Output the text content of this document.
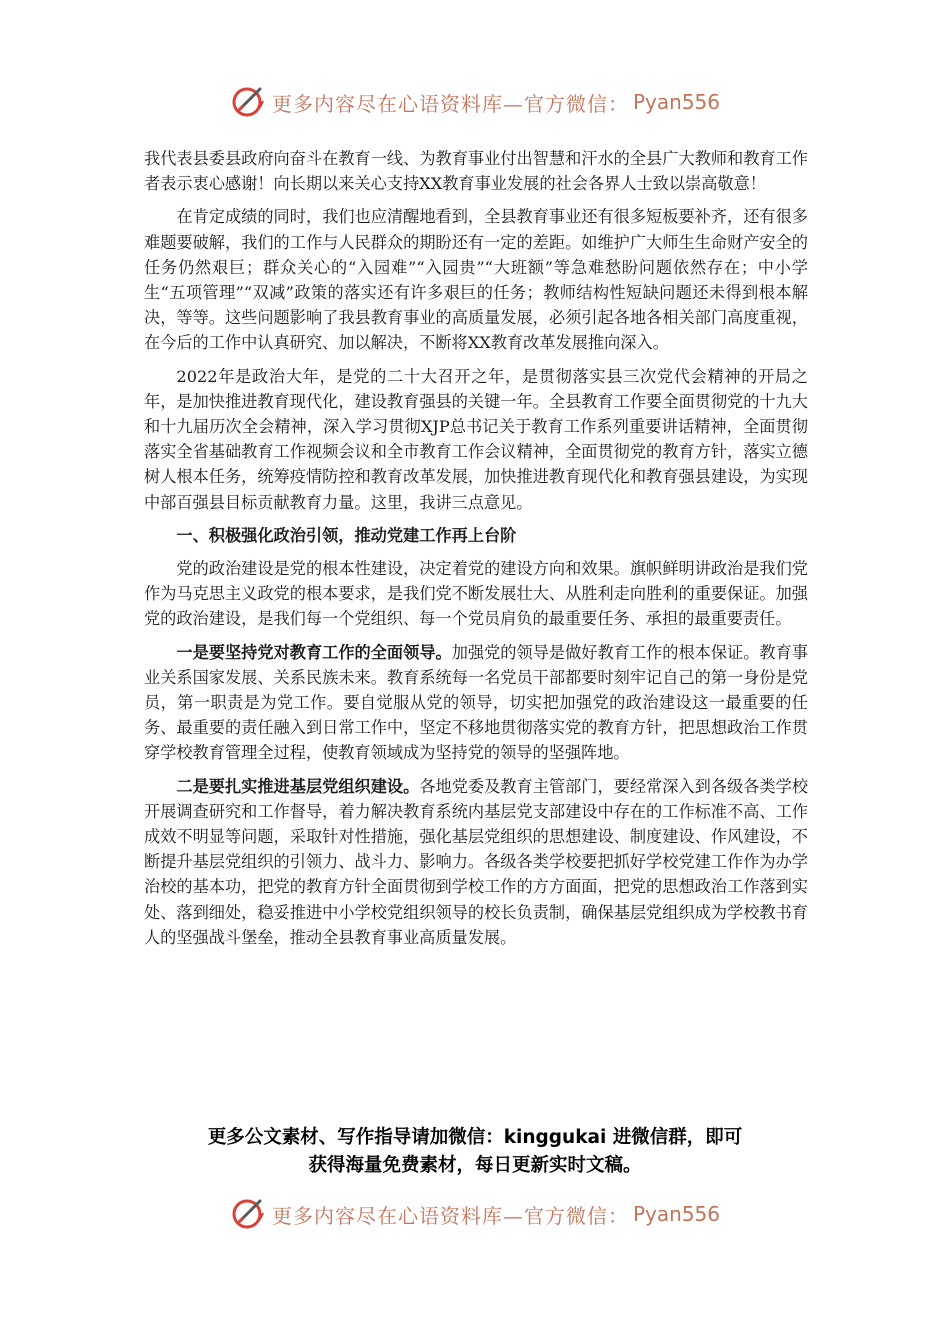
更多内容尽在心语资料库—官方微信： Pyan556

我代表县委县政府向奋斗在教育一线、为教育事业付出智慧和汗水的全县广大教师和教育工作者表示衷心感谢！向长期以来关心支持XX教育事业发展的社会各界人士致以崇高敬意！

在肯定成绩的同时，我们也应清醒地看到，全县教育事业还有很多短板要补齐，还有很多难题要破解，我们的工作与人民群众的期盼还有一定的差距。如维护广大师生生命财产安全的任务仍然艰巨；群众关心的“入园难”“入园贵”“大班额”等急难愁盼问题依然存在；中小学生“五项管理”“双减”政策的落实还有许多艰巨的任务；教师结构性短缺问题还未得到根本解决，等等。这些问题影响了我县教育事业的高质量发展，必须引起各地各相关部门高度重视，在今后的工作中认真研究、加以解决，不断将XX教育改革发展推向深入。

2022年是政治大年，是党的二十大召开之年，是贯彻落实县三次党代会精神的开局之年，是加快推进教育现代化，建设教育强县的关键一年。全县教育工作要全面贯彻党的十九大和十九届历次全会精神，深入学习贯彻XJP总书记关于教育工作系列重要讲话精神，全面贯彻落实全省基础教育工作视频会议和全市教育工作会议精神，全面贯彻党的教育方针，落实立德树人根本任务，统筹疫情防控和教育改革发展，加快推进教育现代化和教育强县建设，为实现中部百强县目标贡献教育力量。这里，我讲三点意见。

一、积极强化政治引领，推动党建工作再上台阶

党的政治建设是党的根本性建设，决定着党的建设方向和效果。旗帜鲜明讲政治是我们党作为马克思主义政党的根本要求，是我们党不断发展壮大、从胜利走向胜利的重要保证。加强党的政治建设，是我们每一个党组织、每一个党员肩负的最重要任务、承担的最重要责任。

一是要坚持党对教育工作的全面领导。加强党的领导是做好教育工作的根本保证。教育事业关系国家发展、关系民族未来。教育系统每一名党员干部都要时刻牢记自己的第一身份是党员，第一职责是为党工作。要自觉服从党的领导，切实把加强党的政治建设这一最重要的任务、最重要的责任融入到日常工作中，坚定不移地贯彻落实党的教育方针，把思想政治工作贯穿学校教育管理全过程，使教育领域成为坚持党的领导的坚强阵地。

二是要扎实推进基层党组织建设。各地党委及教育主管部门，要经常深入到各级各类学校开展调查研究和工作督导，着力解决教育系统内基层党支部建设中存在的工作标准不高、工作成效不明显等问题，采取针对性措施，强化基层党组织的思想建设、制度建设、作风建设，不断提升基层党组织的引领力、战斗力、影响力。各级各类学校要把抓好学校党建工作作为办学治校的基本功，把党的教育方针全面贯彻到学校工作的方方面面，把党的思想政治工作落到实处、落到细处，稳妥推进中小学校党组织领导的校长负责制，确保基层党组织成为学校教书育人的坚强战斗堡垒，推动全县教育事业高质量发展。

更多公文素材、写作指导请加微信：kinggukai 进微信群，即可
获得海量免费素材，每日更新实时文稿。
更多内容尽在心语资料库—官方微信： Pyan556
